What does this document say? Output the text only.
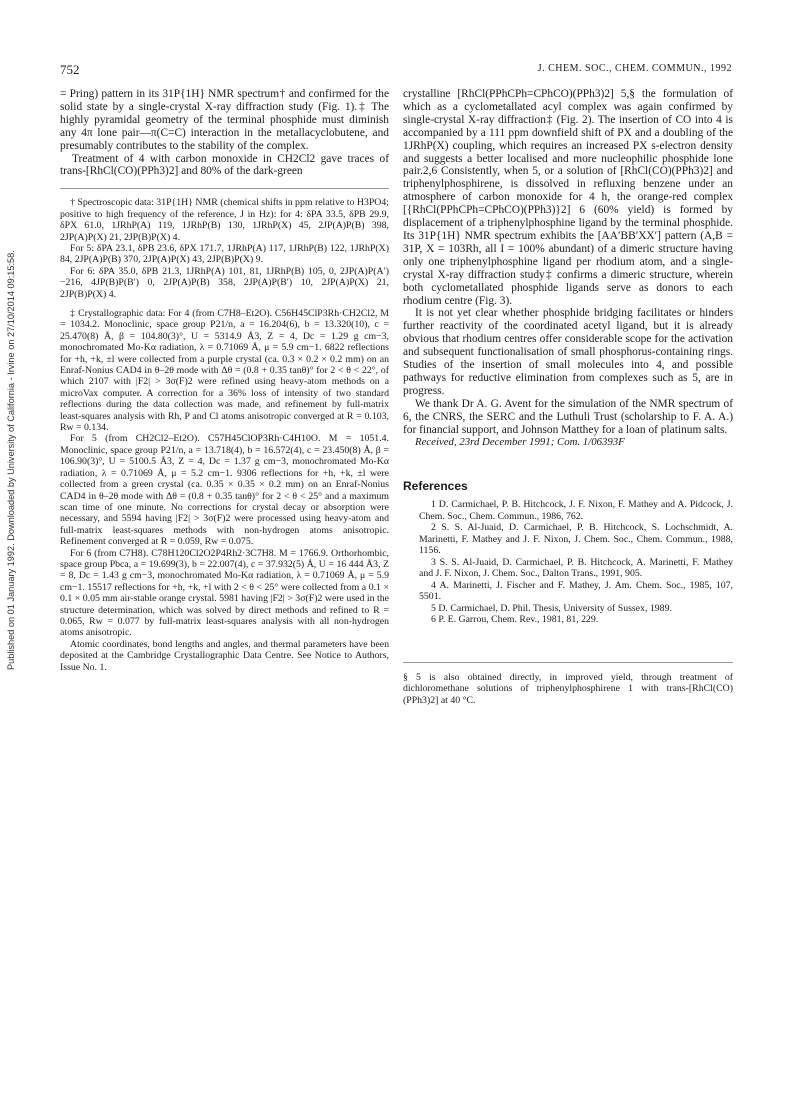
Published on 01 January 1992. Downloaded by University of California - Irvine on 27/10/2014 09:15:58.
752	J. CHEM. SOC., CHEM. COMMUN., 1992

= Pring) pattern in its 31P{1H} NMR spectrum† and confirmed for the solid state by a single-crystal X-ray diffraction study (Fig. 1).‡ The highly pyramidal geometry of the terminal phosphide must diminish any 4π lone pair—π(C=C) interaction in the metallacyclobutene, and presumably contributes to the stability of the complex.

Treatment of 4 with carbon monoxide in CH2Cl2 gave traces of trans-[RhCl(CO)(PPh3)2] and 80% of the dark-green

† Spectroscopic data: 31P{1H} NMR (chemical shifts in ppm relative to H3PO4; positive to high frequency of the reference, J in Hz): for 4: δPA 33.5, δPB 29.9, δPX 61.0, 1JRhP(A) 119, 1JRhP(B) 130, 1JRhP(X) 45, 2JP(A)P(B) 398, 2JP(A)P(X) 21, 2JP(B)P(X) 4.

For 5: δPA 23.1, δPB 23.6, δPX 171.7, 1JRhP(A) 117, 1JRhP(B) 122, 1JRhP(X) 84, 2JP(A)P(B) 370, 2JP(A)P(X) 43, 2JP(B)P(X) 9.

For 6: δPA 35.0, δPB 21.3, 1JRhP(A) 101, 81, 1JRhP(B) 105, 0, 2JP(A)P(A′) −216, 4JP(B)P(B′) 0, 2JP(A)P(B) 358, 2JP(A)P(B′) 10, 2JP(A)P(X) 21, 2JP(B)P(X) 4.

‡ Crystallographic data: For 4 (from C7H8–Et2O). C56H45ClP3Rh·CH2Cl2, M = 1034.2. Monoclinic, space group P21/n, a = 16.204(6), b = 13.320(10), c = 25.470(8) Å, β = 104.80(3)°, U = 5314.9 Å3, Z = 4, Dc = 1.29 g cm−3, monochromated Mo-Kα radiation, λ = 0.71069 Å, μ = 5.9 cm−1. 6822 reflections for +h, +k, ±l were collected from a purple crystal (ca. 0.3 × 0.2 × 0.2 mm) on an Enraf-Nonius CAD4 in θ–2θ mode with Δθ = (0.8 + 0.35 tanθ)° for 2 < θ < 22°, of which 2107 with |F2| > 3σ(F)2 were refined using heavy-atom methods on a microVax computer. A correction for a 36% loss of intensity of two standard reflections during the data collection was made, and refinement by full-matrix least-squares analysis with Rh, P and Cl atoms anisotropic converged at R = 0.103, Rw = 0.134.

For 5 (from CH2Cl2–Et2O). C57H45ClOP3Rh·C4H10O. M = 1051.4. Monoclinic, space group P21/n, a = 13.718(4), b = 16.572(4), c = 23.450(8) Å, β = 106.90(3)°, U = 5100.5 Å3, Z = 4, Dc = 1.37 g cm−3, monochromated Mo-Kα radiation, λ = 0.71069 Å, μ = 5.2 cm−1. 9306 reflections for +h, +k, ±l were collected from a green crystal (ca. 0.35 × 0.35 × 0.2 mm) on an Enraf-Nonius CAD4 in θ–2θ mode with Δθ = (0.8 + 0.35 tanθ)° for 2 < θ < 25° and a maximum scan time of one minute. No corrections for crystal decay or absorption were necessary, and 5594 having |F2| > 3σ(F)2 were processed using heavy-atom and full-matrix least-squares methods with non-hydrogen atoms anisotropic. Refinement converged at R = 0.059, Rw = 0.075.

For 6 (from C7H8). C78H120Cl2O2P4Rh2·3C7H8. M = 1766.9. Orthorhombic, space group Pbca, a = 19.699(3), b = 22.007(4), c = 37.932(5) Å, U = 16 444 Å3, Z = 8, Dc = 1.43 g cm−3, monochromated Mo-Kα radiation, λ = 0.71069 Å, μ = 5.9 cm−1. 15517 reflections for +h, +k, +l with 2 < θ < 25° were collected from a 0.1 × 0.1 × 0.05 mm air-stable orange crystal. 5981 having |F2| > 3σ(F)2 were used in the structure determination, which was solved by direct methods and refined to R = 0.065, Rw = 0.077 by full-matrix least-squares analysis with all non-hydrogen atoms anisotropic.

Atomic coordinates, bond lengths and angles, and thermal parameters have been deposited at the Cambridge Crystallographic Data Centre. See Notice to Authors, Issue No. 1.

crystalline [RhCl(PPhCPh=CPhCO)(PPh3)2] 5,§ the formulation of which as a cyclometallated acyl complex was again confirmed by single-crystal X-ray diffraction‡ (Fig. 2). The insertion of CO into 4 is accompanied by a 111 ppm downfield shift of PX and a doubling of the 1JRhP(X) coupling, which requires an increased PX s-electron density and suggests a better localised and more nucleophilic phosphide lone pair.2,6 Consistently, when 5, or a solution of [RhCl(CO)(PPh3)2] and triphenylphosphirene, is dissolved in refluxing benzene under an atmosphere of carbon monoxide for 4 h, the orange-red complex [{RhCl(PPhCPh=CPhCO)(PPh3)}2] 6 (60% yield) is formed by displacement of a triphenylphosphine ligand by the terminal phosphide. Its 31P{1H} NMR spectrum exhibits the [AA′BB′XX′] pattern (A,B = 31P, X = 103Rh, all I = 100% abundant) of a dimeric structure having only one triphenylphosphine ligand per rhodium atom, and a single-crystal X-ray diffraction study‡ confirms a dimeric structure, wherein both cyclometallated phosphide ligands serve as donors to each rhodium centre (Fig. 3).

It is not yet clear whether phosphide bridging facilitates or hinders further reactivity of the coordinated acetyl ligand, but it is already obvious that rhodium centres offer considerable scope for the activation and subsequent functionalisation of small phosphorus-containing rings. Studies of the insertion of small molecules into 4, and possible pathways for reductive elimination from complexes such as 5, are in progress.

We thank Dr A. G. Avent for the simulation of the NMR spectrum of 6, the CNRS, the SERC and the Luthuli Trust (scholarship to F. A. A.) for financial support, and Johnson Matthey for a loan of platinum salts.

Received, 23rd December 1991; Com. 1/06393F

References

1 D. Carmichael, P. B. Hitchcock, J. F. Nixon, F. Mathey and A. Pidcock, J. Chem. Soc., Chem. Commun., 1986, 762.

2 S. S. Al-Juaid, D. Carmichael, P. B. Hitchcock, S. Lochschmidt, A. Marinetti, F. Mathey and J. F. Nixon, J. Chem. Soc., Chem. Commun., 1988, 1156.

3 S. S. Al-Juaid, D. Carmichael, P. B. Hitchcock, A. Marinetti, F. Mathey and J. F. Nixon, J. Chem. Soc., Dalton Trans., 1991, 905.

4 A. Marinetti, J. Fischer and F. Mathey, J. Am. Chem. Soc., 1985, 107, 5501.

5 D. Carmichael, D. Phil. Thesis, University of Sussex, 1989.

6 P. E. Garrou, Chem. Rev., 1981, 81, 229.

§ 5 is also obtained directly, in improved yield, through treatment of dichloromethane solutions of triphenylphosphirene 1 with trans-[RhCl(CO)(PPh3)2] at 40 °C.
